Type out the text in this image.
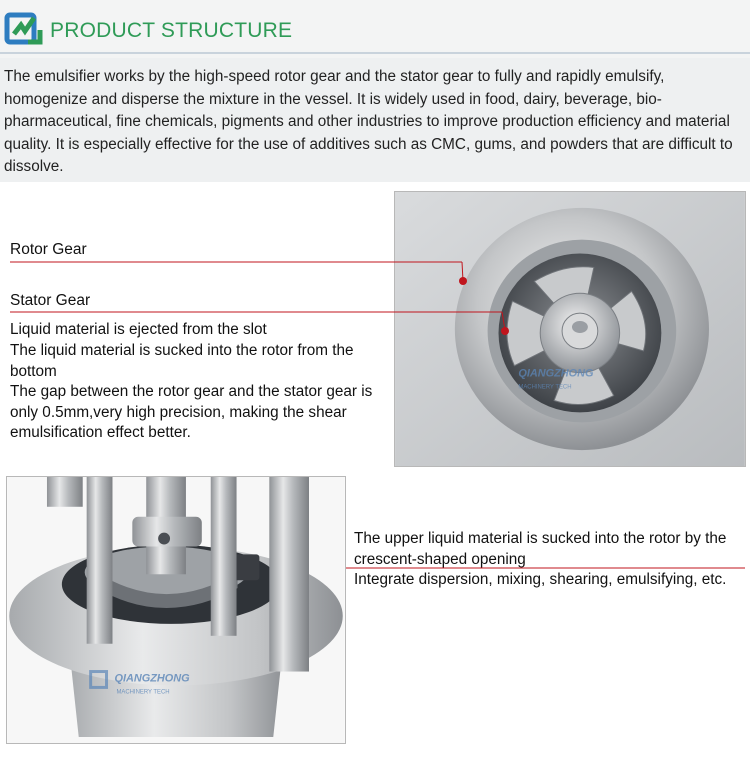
PRODUCT STRUCTURE
The emulsifier works by the high-speed rotor gear and the stator gear to fully and rapidly emulsify, homogenize and disperse the mixture in the vessel. It is widely used in food, dairy, beverage, bio-pharmaceutical, fine chemicals, pigments and other industries to improve production efficiency and material quality. It is especially effective for the use of additives such as CMC, gums, and powders that are difficult to dissolve.
QIANGZHONG
MACHINERY TECH
Rotor Gear
Stator Gear
Liquid material is ejected from the slot
The liquid material is sucked into the rotor from the bottom
The gap between the rotor gear and the stator gear is only 0.5mm,very high precision, making the shear emulsification effect better.
QIANGZHONG
MACHINERY TECH
The upper liquid material is sucked into the rotor by the crescent-shaped opening
Integrate dispersion, mixing, shearing, emulsifying, etc.
